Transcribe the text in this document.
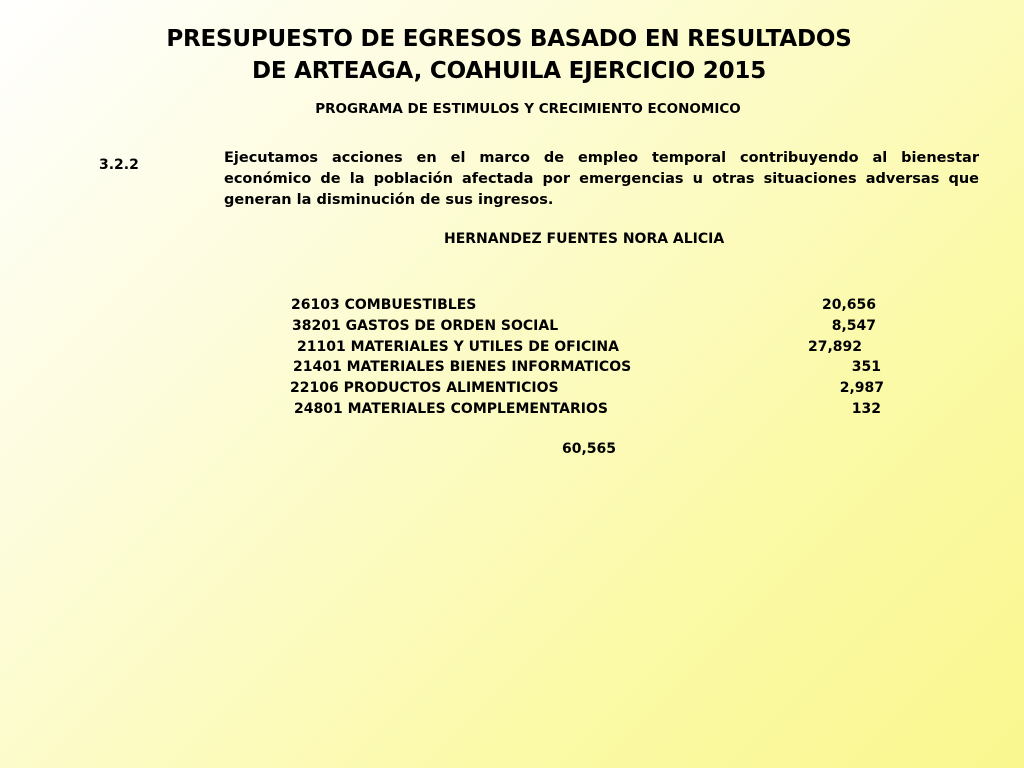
PRESUPUESTO DE EGRESOS BASADO EN RESULTADOS
DE ARTEAGA, COAHUILA EJERCICIO 2015
PROGRAMA DE ESTIMULOS Y CRECIMIENTO ECONOMICO
3.2.2	Ejecutamos acciones en el marco de empleo temporal contribuyendo al bienestar económico de la población afectada por emergencias u otras situaciones adversas que generan la disminución de sus ingresos.
HERNANDEZ FUENTES NORA ALICIA
26103 COMBUESTIBLES	20,656
38201 GASTOS DE ORDEN SOCIAL	8,547
21101 MATERIALES Y UTILES DE OFICINA	27,892
21401 MATERIALES BIENES INFORMATICOS	351
22106 PRODUCTOS ALIMENTICIOS	2,987
24801 MATERIALES COMPLEMENTARIOS	132
60,565
